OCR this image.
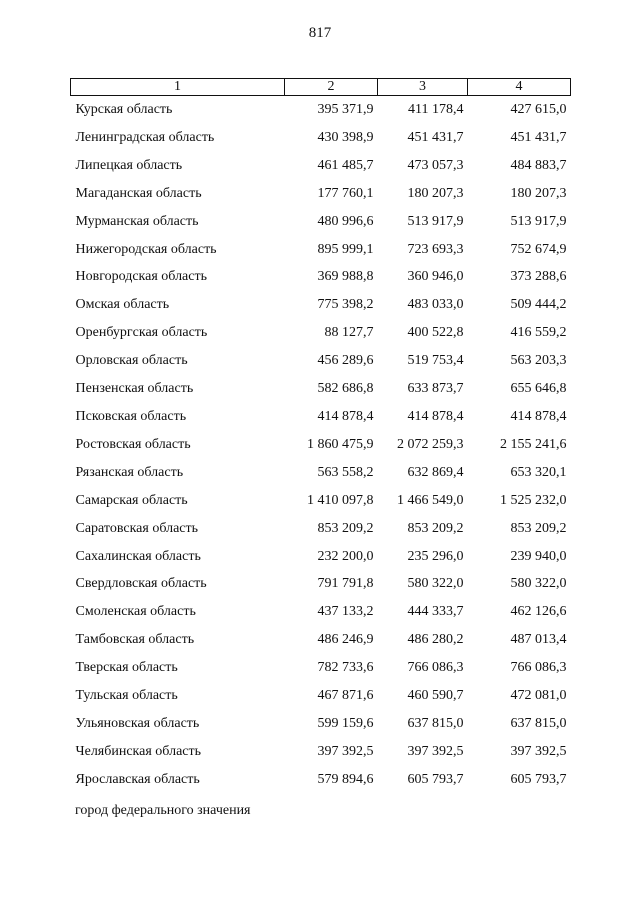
817
1	2	3	4
Курская область	395 371,9	411 178,4	427 615,0
Ленинградская область	430 398,9	451 431,7	451 431,7
Липецкая область	461 485,7	473 057,3	484 883,7
Магаданская область	177 760,1	180 207,3	180 207,3
Мурманская область	480 996,6	513 917,9	513 917,9
Нижегородская область	895 999,1	723 693,3	752 674,9
Новгородская область	369 988,8	360 946,0	373 288,6
Омская область	775 398,2	483 033,0	509 444,2
Оренбургская область	88 127,7	400 522,8	416 559,2
Орловская область	456 289,6	519 753,4	563 203,3
Пензенская область	582 686,8	633 873,7	655 646,8
Псковская область	414 878,4	414 878,4	414 878,4
Ростовская область	1 860 475,9	2 072 259,3	2 155 241,6
Рязанская область	563 558,2	632 869,4	653 320,1
Самарская область	1 410 097,8	1 466 549,0	1 525 232,0
Саратовская область	853 209,2	853 209,2	853 209,2
Сахалинская область	232 200,0	235 296,0	239 940,0
Свердловская область	791 791,8	580 322,0	580 322,0
Смоленская область	437 133,2	444 333,7	462 126,6
Тамбовская область	486 246,9	486 280,2	487 013,4
Тверская область	782 733,6	766 086,3	766 086,3
Тульская область	467 871,6	460 590,7	472 081,0
Ульяновская область	599 159,6	637 815,0	637 815,0
Челябинская область	397 392,5	397 392,5	397 392,5
Ярославская область	579 894,6	605 793,7	605 793,7
город федерального значения
